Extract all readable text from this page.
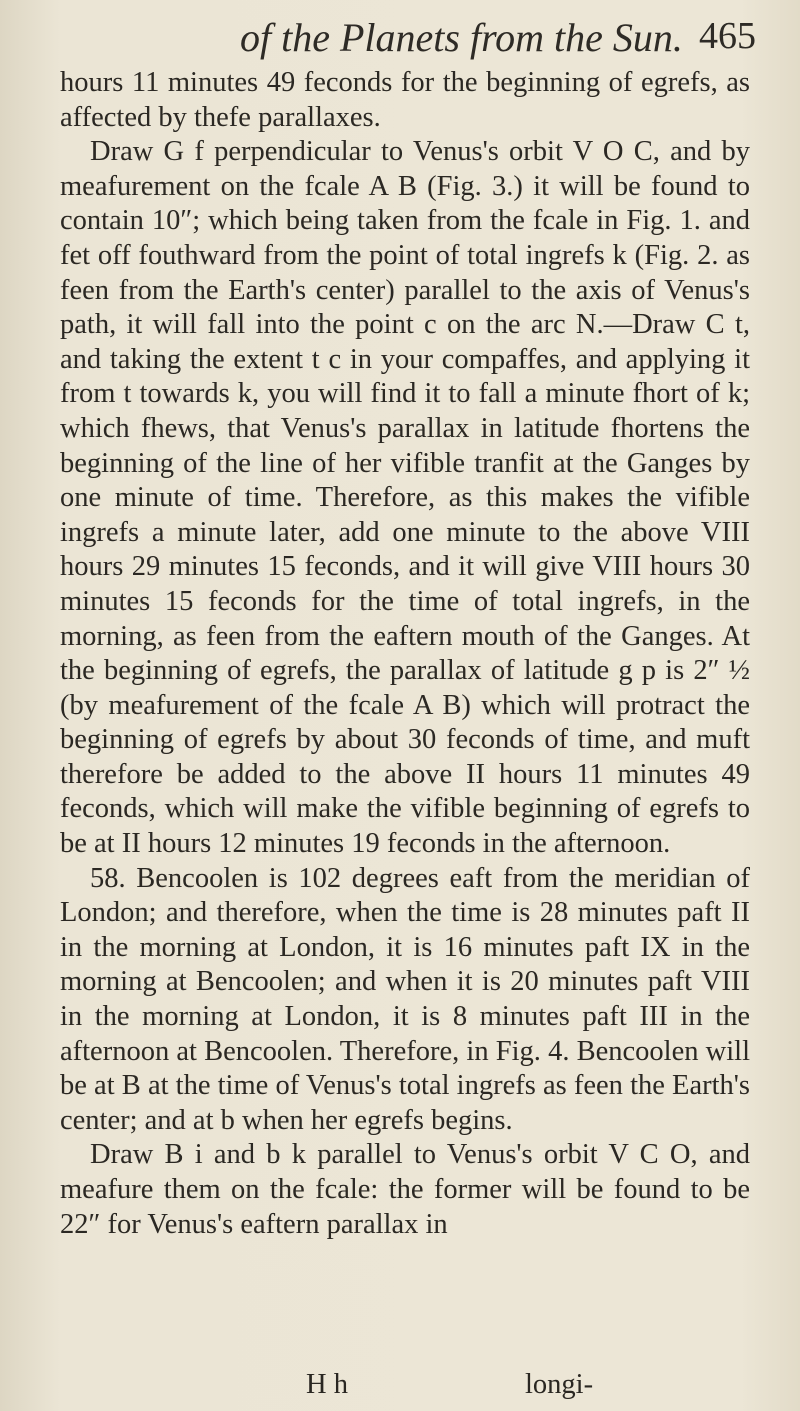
of the Planets from the Sun. 465

hours 11 minutes 49 feconds for the beginning of egrefs, as affected by thefe parallaxes.

Draw G f perpendicular to Venus's orbit V O C, and by meafurement on the fcale A B (Fig. 3.) it will be found to contain 10″; which being taken from the fcale in Fig. 1. and fet off fouthward from the point of total ingrefs k (Fig. 2. as feen from the Earth's center) parallel to the axis of Venus's path, it will fall into the point c on the arc N.—Draw C t, and taking the extent t c in your compaffes, and applying it from t towards k, you will find it to fall a minute fhort of k; which fhews, that Venus's parallax in latitude fhortens the beginning of the line of her vifible tranfit at the Ganges by one minute of time. Therefore, as this makes the vifible ingrefs a minute later, add one minute to the above VIII hours 29 minutes 15 feconds, and it will give VIII hours 30 minutes 15 feconds for the time of total ingrefs, in the morning, as feen from the eaftern mouth of the Ganges. At the beginning of egrefs, the parallax of latitude g p is 2″ ½ (by meafurement of the fcale A B) which will protract the beginning of egrefs by about 30 feconds of time, and muft therefore be added to the above II hours 11 minutes 49 feconds, which will make the vifible beginning of egrefs to be at II hours 12 minutes 19 feconds in the afternoon.

58. Bencoolen is 102 degrees eaft from the meridian of London; and therefore, when the time is 28 minutes paft II in the morning at London, it is 16 minutes paft IX in the morning at Bencoolen; and when it is 20 minutes paft VIII in the morning at London, it is 8 minutes paft III in the afternoon at Bencoolen. Therefore, in Fig. 4. Bencoolen will be at B at the time of Venus's total ingrefs as feen the Earth's center; and at b when her egrefs begins.

Draw B i and b k parallel to Venus's orbit V C O, and meafure them on the fcale: the former will be found to be 22″ for Venus's eaftern parallax in

H h	longi-
